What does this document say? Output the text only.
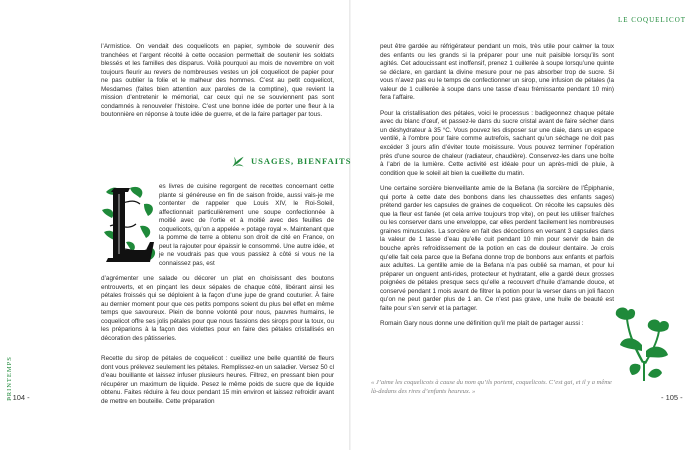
LE COQUELICOT

l’Armistice. On vendait des coquelicots en papier, symbole de souvenir des tranchées et l’argent récolté à cette occasion permettait de soutenir les soldats blessés et les familles des disparus. Voilà pourquoi au mois de novembre on voit toujours fleurir au revers de nombreuses vestes un joli coquelicot de papier pour ne pas oublier la folie et le malheur des hommes. C’est au petit coquelicot, Mesdames (faites bien attention aux paroles de la comptine), que revient la mission d’entretenir le mémorial, car ceux qui ne se souviennent pas sont condamnés à renouveler l’histoire. C’est une bonne idée de porter une fleur à la boutonnière en réponse à toute idée de guerre, et de la faire partager par tous.

USAGES, BIENFAITS

es livres de cuisine regorgent de recettes concernant cette plante si généreuse en fin de saison froide, aussi vais-je me contenter de rappeler que Louis XIV, le Roi-Soleil, affectionnait particulièrement une soupe confectionnée à moitié avec de l’ortie et à moitié avec des feuilles de coquelicots, qu’on a appelée « potage royal ». Maintenant que la pomme de terre a obtenu son droit de cité en France, on peut la rajouter pour épaissir le consommé. Une autre idée, et je ne voudrais pas que vous passiez à côté si vous ne la connaissez pas, est

d’agrémenter une salade ou décorer un plat en choisissant des boutons entrouverts, et en pinçant les deux sépales de chaque côté, libérant ainsi les pétales froissés qui se déploient à la façon d’une jupe de grand couturier. À faire au dernier moment pour que ces petits pompons soient du plus bel effet en même temps que savoureux. Plein de bonne volonté pour nous, pauvres humains, le coquelicot offre ses jolis pétales pour que nous fassions des sirops pour la toux, ou les préparions à la façon des violettes pour en faire des pétales cristallisés en décoration des pâtisseries.

Recette du sirop de pétales de coquelicot : cueillez une belle quantité de fleurs dont vous prélevez seulement les pétales. Remplissez-en un saladier. Versez 50 cl d’eau bouillante et laissez infuser plusieurs heures. Filtrez, en pressant bien pour récupérer un maximum de liquide. Pesez le même poids de sucre que de liquide obtenu. Faites réduire à feu doux pendant 15 min environ et laissez refroidir avant de mettre en bouteille. Cette préparation

PRINTEMPS
- 104 -

peut être gardée au réfrigérateur pendant un mois, très utile pour calmer la toux des enfants ou les grands si la préparer pour une nuit paisible lorsqu’ils sont agités. Cet adoucissant est inoffensif, prenez 1 cuillerée à soupe lorsqu’une quinte se déclare, en gardant la divine mesure pour ne pas absorber trop de sucre. Si vous n’avez pas eu le temps de confectionner un sirop, une infusion de pétales (la valeur de 1 cuillerée à soupe dans une tasse d’eau frémissante pendant 10 min) fera l’affaire.

Pour la cristallisation des pétales, voici le processus : badigeonnez chaque pétale avec du blanc d’œuf, et passez-le dans du sucre cristal avant de faire sécher dans un déshydrateur à 35 °C. Vous pouvez les disposer sur une claie, dans un espace ventilé, à l’ombre pour faire comme autrefois, sachant qu’un séchage ne doit pas excéder 3 jours afin d’éviter toute moisissure. Vous pouvez terminer l’opération près d’une source de chaleur (radiateur, chaudière). Conservez-les dans une boîte à l’abri de la lumière. Cette activité est idéale pour un après-midi de pluie, à condition que le soleil ait bien la cueillette du matin.

Une certaine sorcière bienveillante amie de la Befana (la sorcière de l’Épiphanie, qui porte à cette date des bonbons dans les chaussettes des enfants sages) prétend garder les capsules de graines de coquelicot. On récolte les capsules dès que la fleur est fanée (et cela arrive toujours trop vite), on peut les utiliser fraîches ou les conserver dans une enveloppe, car elles perdent facilement les nombreuses graines minuscules. La sorcière en fait des décoctions en versant 3 capsules dans la valeur de 1 tasse d’eau qu’elle cuit pendant 10 min pour servir de bain de bouche après refroidissement de la potion en cas de douleur dentaire. Je crois qu’elle fait cela parce que la Befana donne trop de bonbons aux enfants et parfois aux adultes. La gentille amie de la Befana n’a pas oublié sa maman, et pour lui préparer un onguent anti-rides, protecteur et hydratant, elle a gardé deux grosses poignées de pétales presque secs qu’elle a recouvert d’huile d’amande douce, et conservé pendant 1 mois avant de filtrer la potion pour la verser dans un joli flacon qu’on ne peut garder plus de 1 an. Ce n’est pas grave, une huile de beauté est faite pour s’en servir et la partager.

Romain Gary nous donne une définition qu’il me plaît de partager aussi :

« J’aime les coquelicots à cause du nom qu’ils portent, coquelicots. C’est gai, et il y a même là-dedans des rires d’enfants heureux. »
- 105 -
